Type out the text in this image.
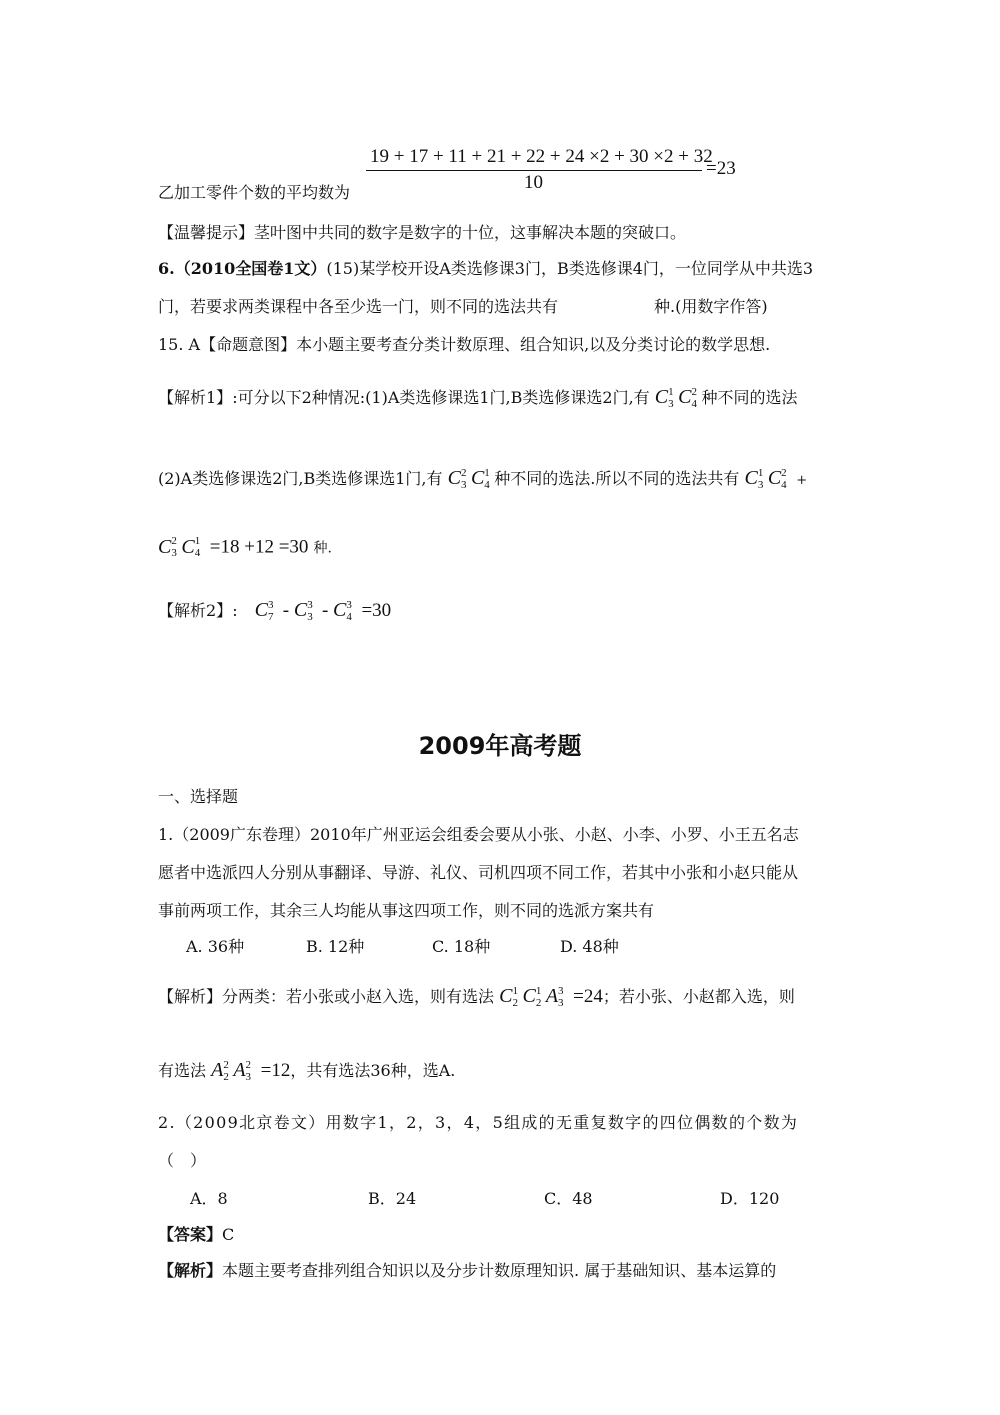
19 + 17 + 11 + 21 + 22 + 24 ×2 + 30 ×2 + 32
10
=23
乙加工零件个数的平均数为
【温馨提示】茎叶图中共同的数字是数字的十位，这事解决本题的突破口。
6.（2010全国卷1文）(15)某学校开设A类选修课3门，B类选修课4门，一位同学从中共选3
门，若要求两类课程中各至少选一门，则不同的选法共有	种.(用数字作答)
15. A【命题意图】本小题主要考查分类计数原理、组合知识,以及分类讨论的数学思想.
【解析1】:可分以下2种情况:(1)A类选修课选1门,B类选修课选2门,有 C 1
3 C 2
4 种不同的选法
(2)A类选修课选2门,B类选修课选1门,有 C 2
3 C 1
4 种不同的选法.所以不同的选法共有 C 1
3 C 2
4 +
C 2
3 C 1
4 =18 +12 =30 种.
【解析2】: C 3
7 - C 3
3 - C 3
4 =30
2009年高考题
一、选择题
1.（2009广东卷理）2010年广州亚运会组委会要从小张、小赵、小李、小罗、小王五名志
愿者中选派四人分别从事翻译、导游、礼仪、司机四项不同工作，若其中小张和小赵只能从
事前两项工作，其余三人均能从事这四项工作，则不同的选派方案共有
A. 36种	B. 12种	C. 18种	D. 48种
【解析】分两类：若小张或小赵入选，则有选法 C 1
2 C 1
2 A 3
3 =24；若小张、小赵都入选，则
有选法 A 2
2 A 2
3 =12，共有选法36种，选A.
2.（2009北京卷文）用数字1，2，3，4，5组成的无重复数字的四位偶数的个数为
（　）
A．8	B．24	C．48	D．120
【答案】C
【解析】本题主要考查排列组合知识以及分步计数原理知识. 属于基础知识、基本运算的
